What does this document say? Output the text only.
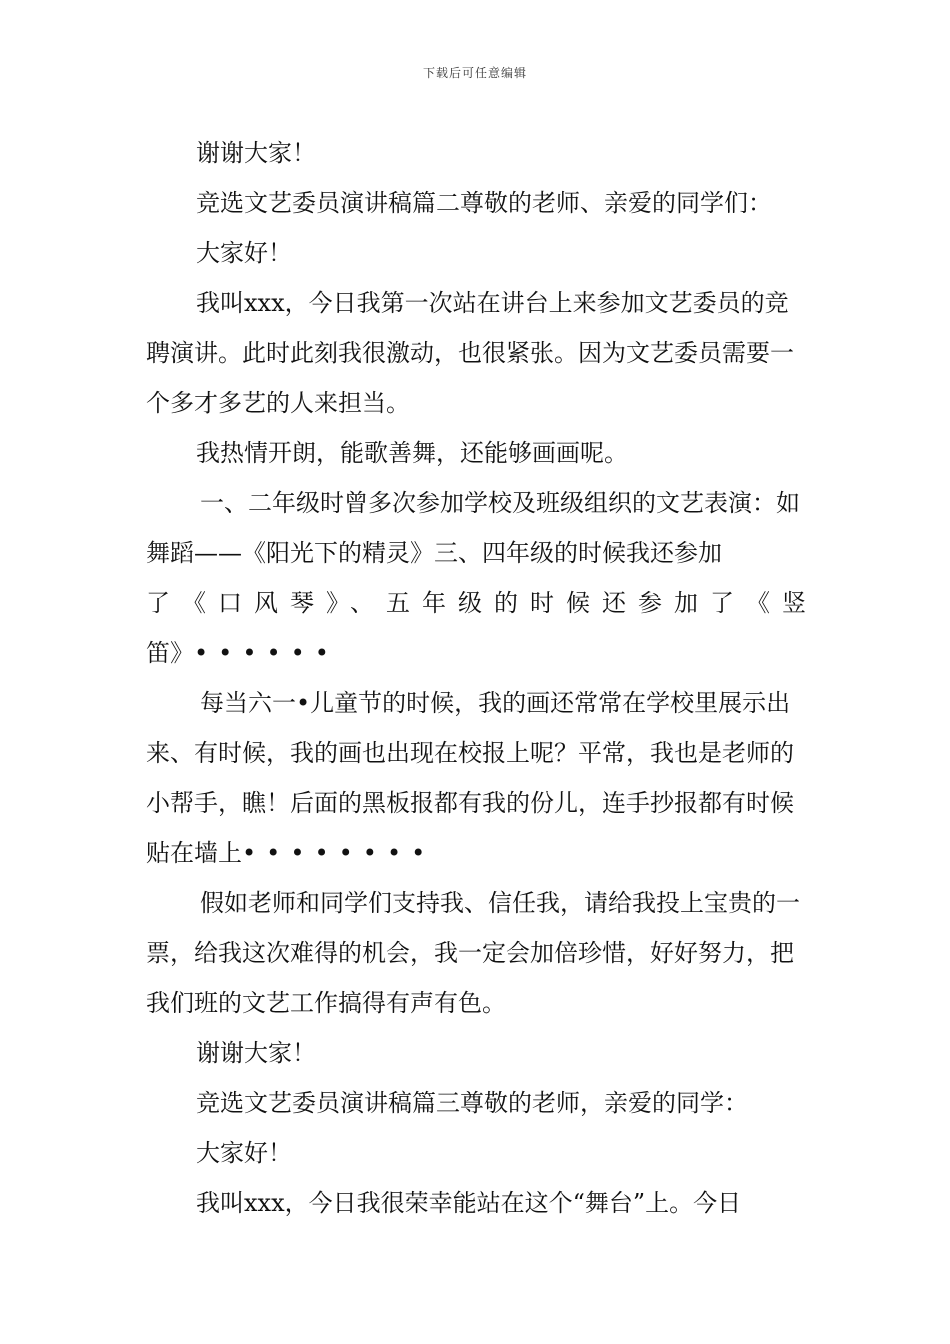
下载后可任意编辑

谢谢大家！

竞选文艺委员演讲稿篇二尊敬的老师、亲爱的同学们：

大家好！

我叫xxx，今日我第一次站在讲台上来参加文艺委员的竞聘演讲。此时此刻我很激动，也很紧张。因为文艺委员需要一个多才多艺的人来担当。

我热情开朗，能歌善舞，还能够画画呢。

一、二年级时曾多次参加学校及班级组织的文艺表演：如舞蹈——《阳光下的精灵》三、四年级的时候我还参加
了《口风琴》、五年级的时候还参加了《竖
笛》••••••

每当六一•儿童节的时候，我的画还常常在学校里展示出来、有时候，我的画也出现在校报上呢？平常，我也是老师的小帮手，瞧！后面的黑板报都有我的份儿，连手抄报都有时候贴在墙上••••••••

假如老师和同学们支持我、信任我，请给我投上宝贵的一票，给我这次难得的机会，我一定会加倍珍惜，好好努力，把我们班的文艺工作搞得有声有色。

谢谢大家！

竞选文艺委员演讲稿篇三尊敬的老师，亲爱的同学：

大家好！

我叫xxx，今日我很荣幸能站在这个“舞台”上。今日
